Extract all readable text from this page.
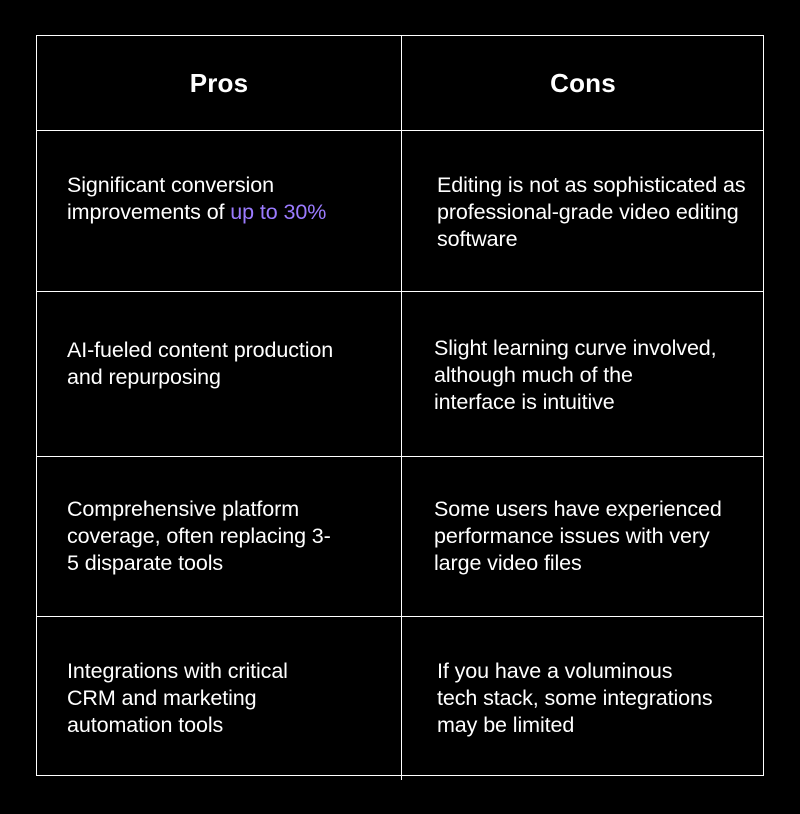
Pros	Cons
Significant conversion improvements of up to 30%
Editing is not as sophisticated as professional-grade video editing software
AI-fueled content production and repurposing
Slight learning curve involved, although much of the interface is intuitive
Comprehensive platform coverage, often replacing 3-5 disparate tools
Some users have experienced performance issues with very large video files
Integrations with critical CRM and marketing automation tools
If you have a voluminous tech stack, some integrations may be limited
